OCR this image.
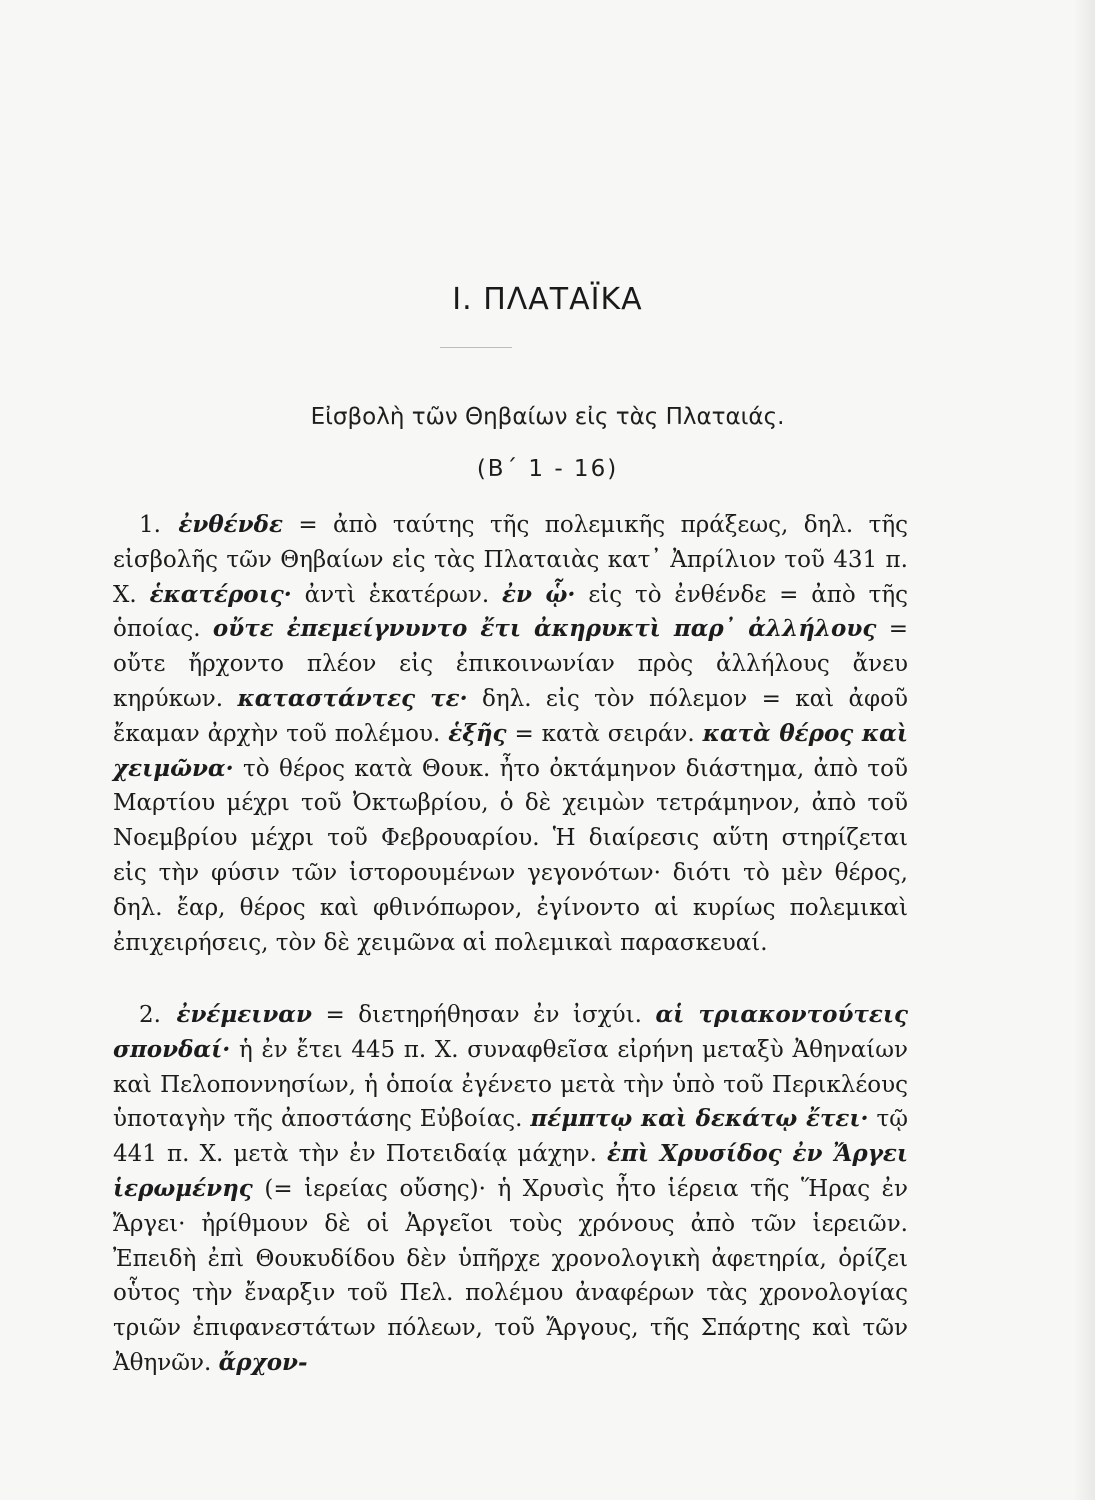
I. ΠΛΑΤΑΪΚΑ
Εἰσβολὴ τῶν Θηβαίων εἰς τὰς Πλαταιάς.
(Β΄ 1 - 16)
1. ἐνθένδε = ἀπὸ ταύτης τῆς πολεμικῆς πράξεως, δηλ. τῆς εἰσβολῆς τῶν Θηβαίων εἰς τὰς Πλαταιὰς κατ᾽ Ἀπρίλιον τοῦ 431 π. Χ. ἑκατέροις· ἀντὶ ἑκατέρων. ἐν ᾧ· εἰς τὸ ἐνθένδε = ἀπὸ τῆς ὁποίας. οὔτε ἐπεμείγνυντο ἔτι ἀκηρυκτὶ παρ᾽ ἀλλήλους = οὔτε ἤρχοντο πλέον εἰς ἐπικοινωνίαν πρὸς ἀλλήλους ἄνευ κηρύκων. καταστάντες τε· δηλ. εἰς τὸν πόλεμον = καὶ ἀφοῦ ἔκαμαν ἀρχὴν τοῦ πολέμου. ἑξῆς = κατὰ σειράν. κατὰ θέρος καὶ χειμῶνα· τὸ θέρος κατὰ Θουκ. ἦτο ὀκτάμηνον διάστημα, ἀπὸ τοῦ Μαρτίου μέχρι τοῦ Ὀκτωβρίου, ὁ δὲ χειμὼν τετράμηνον, ἀπὸ τοῦ Νοεμβρίου μέχρι τοῦ Φεβρουαρίου. Ἡ διαίρεσις αὕτη στηρίζεται εἰς τὴν φύσιν τῶν ἱστορουμένων γεγονότων· διότι τὸ μὲν θέρος, δηλ. ἔαρ, θέρος καὶ φθινόπωρον, ἐγίνοντο αἱ κυρίως πολεμικαὶ ἐπιχειρήσεις, τὸν δὲ χειμῶνα αἱ πολεμικαὶ παρασκευαί.
2. ἐνέμειναν = διετηρήθησαν ἐν ἰσχύι. αἱ τριακοντούτεις σπονδαί· ἡ ἐν ἔτει 445 π. Χ. συναφθεῖσα εἰρήνη μεταξὺ Ἀθηναίων καὶ Πελοποννησίων, ἡ ὁποία ἐγένετο μετὰ τὴν ὑπὸ τοῦ Περικλέους ὑποταγὴν τῆς ἀποστάσης Εὐβοίας. πέμπτῳ καὶ δεκάτῳ ἔτει· τῷ 441 π. Χ. μετὰ τὴν ἐν Ποτειδαίᾳ μάχην. ἐπὶ Χρυσίδος ἐν Ἄργει ἱερωμένης (= ἱερείας οὔσης)· ἡ Χρυσὶς ἦτο ἱέρεια τῆς Ἥρας ἐν Ἄργει· ἠρίθμουν δὲ οἱ Ἀργεῖοι τοὺς χρόνους ἀπὸ τῶν ἱερειῶν. Ἐπειδὴ ἐπὶ Θουκυδίδου δὲν ὑπῆρχε χρονολογικὴ ἀφετηρία, ὁρίζει οὗτος τὴν ἔναρξιν τοῦ Πελ. πολέμου ἀναφέρων τὰς χρονολογίας τριῶν ἐπιφανεστάτων πόλεων, τοῦ Ἄργους, τῆς Σπάρτης καὶ τῶν Ἀθηνῶν. ἄρχον-
